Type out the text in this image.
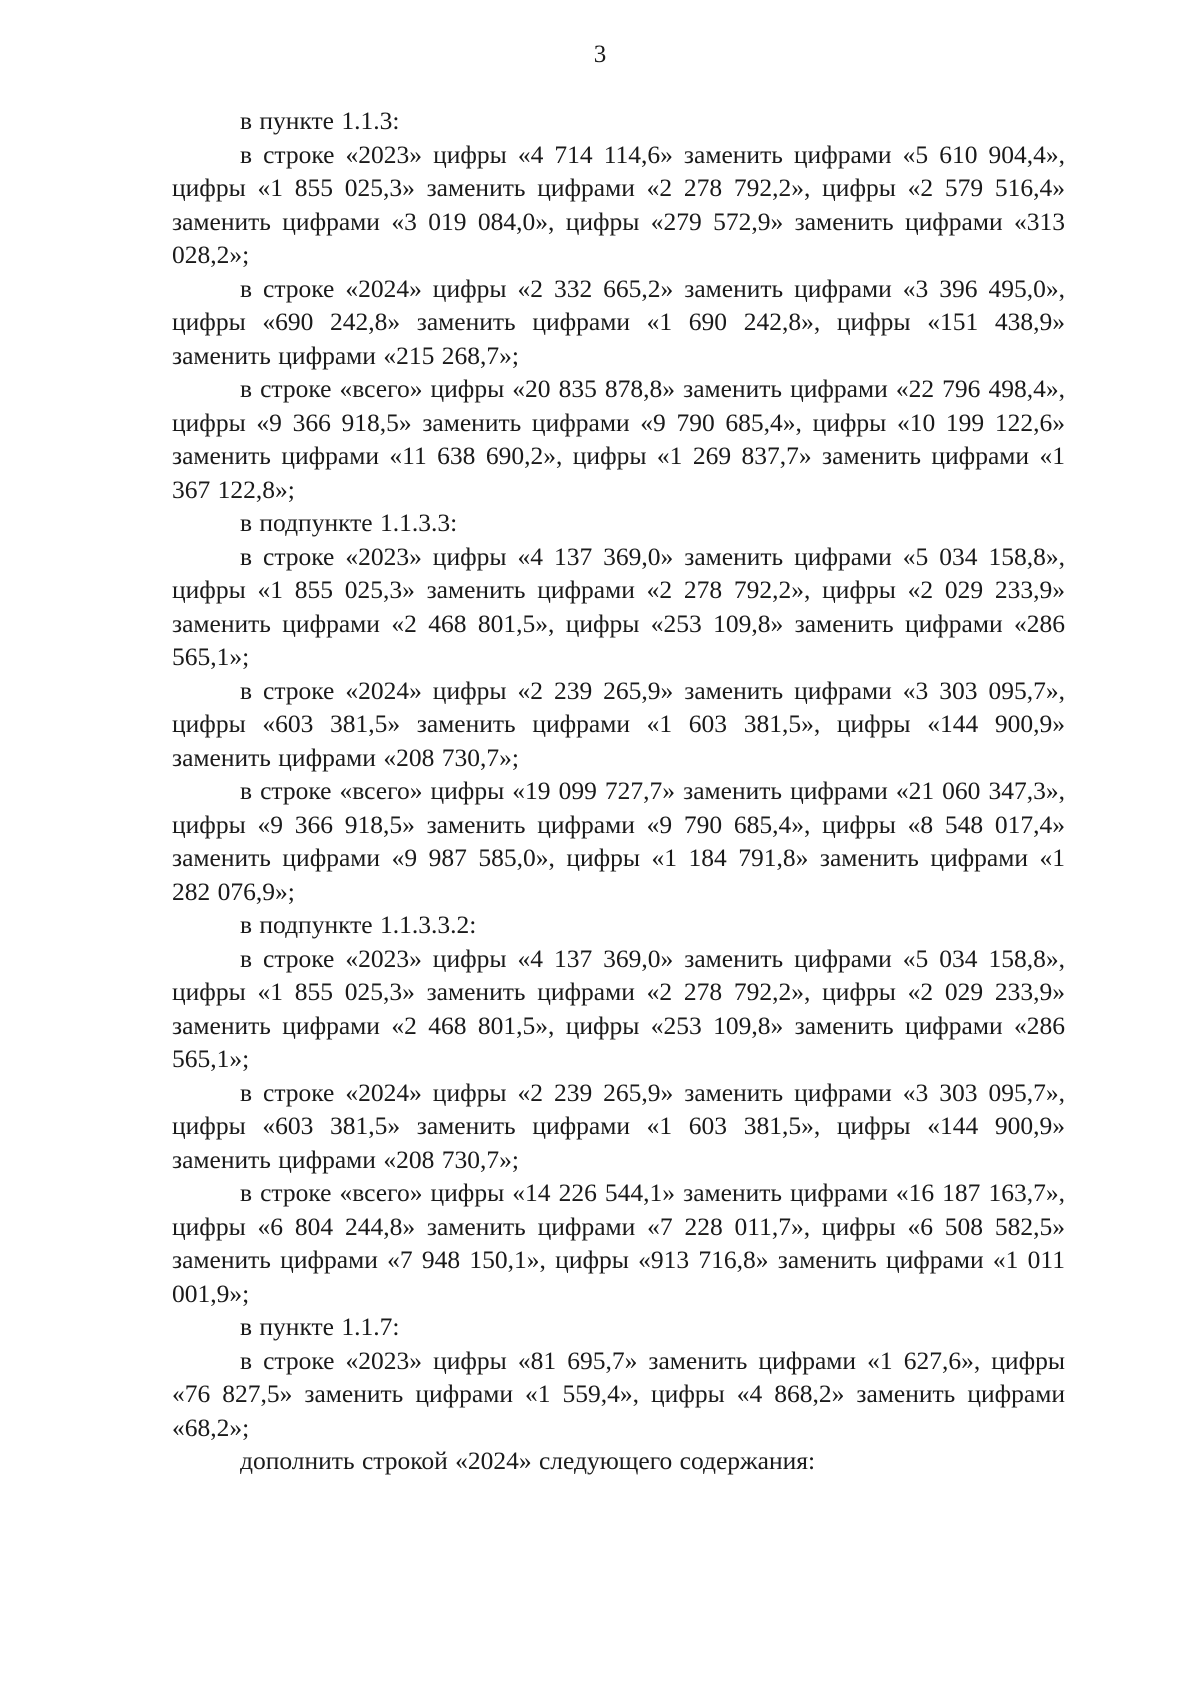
3

в пункте 1.1.3:

в строке «2023» цифры «4 714 114,6» заменить цифрами «5 610 904,4», цифры «1 855 025,3» заменить цифрами «2 278 792,2», цифры «2 579 516,4» заменить цифрами «3 019 084,0», цифры «279 572,9» заменить цифрами «313 028,2»;

в строке «2024» цифры «2 332 665,2» заменить цифрами «3 396 495,0», цифры «690 242,8» заменить цифрами «1 690 242,8», цифры «151 438,9» заменить цифрами «215 268,7»;

в строке «всего» цифры «20 835 878,8» заменить цифрами «22 796 498,4», цифры «9 366 918,5» заменить цифрами «9 790 685,4», цифры «10 199 122,6» заменить цифрами «11 638 690,2», цифры «1 269 837,7» заменить цифрами «1 367 122,8»;

в подпункте 1.1.3.3:

в строке «2023» цифры «4 137 369,0» заменить цифрами «5 034 158,8», цифры «1 855 025,3» заменить цифрами «2 278 792,2», цифры «2 029 233,9» заменить цифрами «2 468 801,5», цифры «253 109,8» заменить цифрами «286 565,1»;

в строке «2024» цифры «2 239 265,9» заменить цифрами «3 303 095,7», цифры «603 381,5» заменить цифрами «1 603 381,5», цифры «144 900,9» заменить цифрами «208 730,7»;

в строке «всего» цифры «19 099 727,7» заменить цифрами «21 060 347,3», цифры «9 366 918,5» заменить цифрами «9 790 685,4», цифры «8 548 017,4» заменить цифрами «9 987 585,0», цифры «1 184 791,8» заменить цифрами «1 282 076,9»;

в подпункте 1.1.3.3.2:

в строке «2023» цифры «4 137 369,0» заменить цифрами «5 034 158,8», цифры «1 855 025,3» заменить цифрами «2 278 792,2», цифры «2 029 233,9» заменить цифрами «2 468 801,5», цифры «253 109,8» заменить цифрами «286 565,1»;

в строке «2024» цифры «2 239 265,9» заменить цифрами «3 303 095,7», цифры «603 381,5» заменить цифрами «1 603 381,5», цифры «144 900,9» заменить цифрами «208 730,7»;

в строке «всего» цифры «14 226 544,1» заменить цифрами «16 187 163,7», цифры «6 804 244,8» заменить цифрами «7 228 011,7», цифры «6 508 582,5» заменить цифрами «7 948 150,1», цифры «913 716,8» заменить цифрами «1 011 001,9»;

в пункте 1.1.7:

в строке «2023» цифры «81 695,7» заменить цифрами «1 627,6», цифры «76 827,5» заменить цифрами «1 559,4», цифры «4 868,2» заменить цифрами «68,2»;

дополнить строкой «2024» следующего содержания:
